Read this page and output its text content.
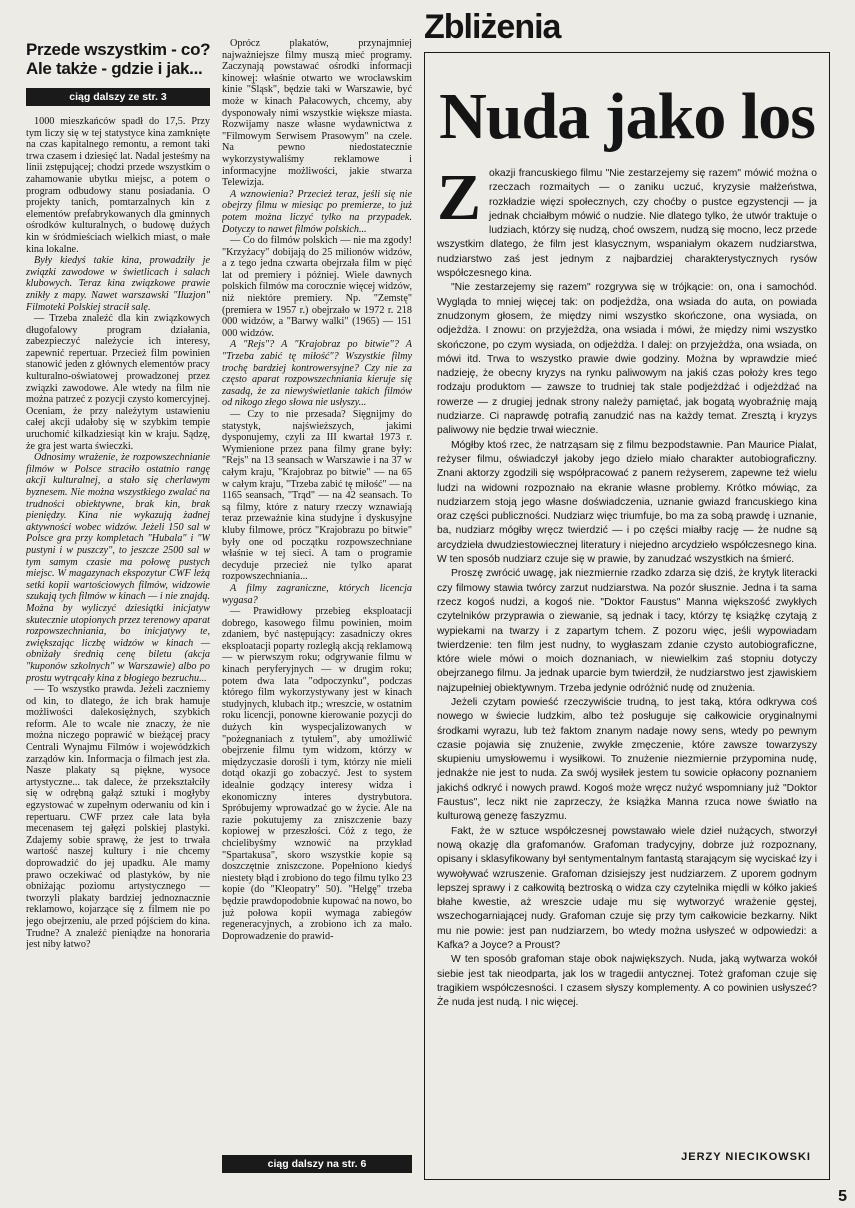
Przede wszystkim - co?
Ale także - gdzie i jak...
ciąg dalszy ze str. 3

1000 mieszkańców spadł do 17,5. Przy tym liczy się w tej statystyce kina zamknięte na czas kapitalnego remontu, a remont taki trwa czasem i dziesięć lat. Nadal jesteśmy na linii zstępującej; chodzi przede wszystkim o zahamowanie ubytku miejsc, a potem o program odbudowy stanu posiadania. O projekty tanich, pomtarzalnych kin z elementów prefabrykowanych dla gminnych ośrodków kulturalnych, o budowę dużych kin w śródmieściach wielkich miast, o małe kina lokalne.

Były kiedyś takie kina, prowadziły je związki zawodowe w świetlicach i salach klubowych. Teraz kina związkowe prawie znikły z mapy. Nawet warszawski "Iluzjon" Filmoteki Polskiej stracił salę.

— Trzeba znaleźć dla kin związkowych długofalowy program działania, zabezpieczyć należycie ich interesy, zapewnić repertuar. Przecież film powinien stanowić jeden z głównych elementów pracy kulturalno-oświatowej prowadzonej przez związki zawodowe. Ale wtedy na film nie można patrzeć z pozycji czysto komercyjnej. Oceniam, że przy należytym ustawieniu całej akcji udałoby się w szybkim tempie uruchomić kilkadziesiąt kin w kraju. Sądzę, że gra jest warta świeczki.

Odnosimy wrażenie, że rozpowszechnianie filmów w Polsce straciło ostatnio rangę akcji kulturalnej, a stało się cherlawym byznesem. Nie można wszystkiego zwalać na trudności obiektywne, brak kin, brak pieniędzy. Kina nie wykazują żadnej aktywności wobec widzów. Jeżeli 150 sal w Polsce gra przy kompletach "Hubala" i "W pustyni i w puszczy", to jeszcze 2500 sal w tym samym czasie ma połowę pustych miejsc. W magazynach ekspozytur CWF leżą setki kopii wartościowych filmów, widzowie szukają tych filmów w kinach — i nie znajdą. Można by wyliczyć dziesiątki inicjatyw skutecznie utopionych przez terenowy aparat rozpowszechniania, bo inicjatywy te, zwiększając liczbę widzów w kinach — obniżały średnią cenę biletu (akcja "kuponów szkolnych" w Warszawie) albo po prostu wytrącały kina z błogiego bezruchu...

— To wszystko prawda. Jeżeli zaczniemy od kin, to dlatego, że ich brak hamuje możliwości dalekosiężnych, szybkich reform. Ale to wcale nie znaczy, że nie można niczego poprawić w bieżącej pracy Centrali Wynajmu Filmów i wojewódzkich zarządów kin. Informacja o filmach jest zła. Nasze plakaty są piękne, wysoce artystyczne... tak dalece, że przekształciły się w odrębną gałąź sztuki i mogłyby egzystować w zupełnym oderwaniu od kin i repertuaru. CWF przez całe lata była mecenasem tej gałęzi polskiej plastyki. Zdajemy sobie sprawę, że jest to trwała wartość naszej kultury i nie chcemy doprowadzić do jej upadku. Ale mamy prawo oczekiwać od plastyków, by nie obniżając poziomu artystycznego — tworzyli plakaty bardziej jednoznacznie reklamowo, kojarzące się z filmem nie po jego obejrzeniu, ale przed pójściem do kina. Trudne? A znaleźć pieniądze na honoraria jest niby łatwo?

Oprócz plakatów, przynajmniej najważniejsze filmy muszą mieć programy. Zaczynają powstawać ośrodki informacji kinowej: właśnie otwarto we wrocławskim kinie "Śląsk", będzie taki w Warszawie, być może w kinach Pałacowych, chcemy, aby dysponowały nimi wszystkie większe miasta. Rozwijamy nasze własne wydawnictwa z "Filmowym Serwisem Prasowym" na czele. Na pewno niedostatecznie wykorzystywaliśmy reklamowe i informacyjne możliwości, jakie stwarza Telewizja.

A wznowienia? Przecież teraz, jeśli się nie obejrzy filmu w miesiąc po premierze, to już potem można liczyć tylko na przypadek. Dotyczy to nawet filmów polskich...

— Co do filmów polskich — nie ma zgody! "Krzyżacy" dobijają do 25 milionów widzów, a z tego jedna czwarta obejrzała film w pięć lat od premiery i później. Wiele dawnych polskich filmów ma corocznie więcej widzów, niż niektóre premiery. Np. "Zemstę" (premiera w 1957 r.) obejrzało w 1972 r. 218 000 widzów, a "Barwy walki" (1965) — 151 000 widzów.

A "Rejs"? A "Krajobraz po bitwie"? A "Trzeba zabić tę miłość"? Wszystkie filmy trochę bardziej kontrowersyjne? Czy nie za często aparat rozpowszechniania kieruje się zasadą, że za niewyświetlanie takich filmów od nikogo złego słowa nie usłyszy...

— Czy to nie przesada? Sięgnijmy do statystyk, najświeższych, jakimi dysponujemy, czyli za III kwartał 1973 r. Wymienione przez pana filmy grane były: "Rejs" na 13 seansach w Warszawie i na 37 w całym kraju, "Krajobraz po bitwie" — na 65 w całym kraju, "Trzeba zabić tę miłość" — na 1165 seansach, "Trąd" — na 42 seansach. To są filmy, które z natury rzeczy wznawiają teraz przeważnie kina studyjne i dyskusyjne kluby filmowe, prócz "Krajobrazu po bitwie" były one od początku rozpowszechniane właśnie w tej sieci. A tam o programie decyduje przecież nie tylko aparat rozpowszechniania...

A filmy zagraniczne, których licencja wygasa?

— Prawidłowy przebieg eksploatacji dobrego, kasowego filmu powinien, moim zdaniem, być następujący: zasadniczy okres eksploatacji poparty rozległą akcją reklamową — w pierwszym roku; odgrywanie filmu w kinach peryferyjnych — w drugim roku; potem dwa lata "odpoczynku", podczas którego film wykorzystywany jest w kinach studyjnych, klubach itp.; wreszcie, w ostatnim roku licencji, ponowne kierowanie pozycji do dużych kin wyspecjalizowanych w "pożegnaniach z tytułem", aby umożliwić obejrzenie filmu tym widzom, którzy w międzyczasie dorośli i tym, którzy nie mieli dotąd okazji go zobaczyć. Jest to system idealnie godzący interesy widza i ekonomiczny interes dystrybutora. Spróbujemy wprowadzać go w życie. Ale na razie pokutujemy za zniszczenie bazy kopiowej w przeszłości. Cóż z tego, że chcielibyśmy wznowić na przykład "Spartakusa", skoro wszystkie kopie są doszczętnie zniszczone. Popełniono kiedyś niestety błąd i zrobiono do tego filmu tylko 23 kopie (do "Kleopatry" 50). "Helgę" trzeba będzie prawdopodobnie kupować na nowo, bo już połowa kopii wymaga zabiegów regeneracyjnych, a zrobiono ich za mało. Doprowadzenie do prawid-

ciąg dalszy na str. 6
Zbliżenia
Nuda jako los

Zokazji francuskiego filmu "Nie zestarzejemy się razem" mówić można o rzeczach rozmaitych — o zaniku uczuć, kryzysie małżeństwa, rozkładzie więzi społecznych, czy choćby o pustce egzystencji — ja jednak chciałbym mówić o nudzie. Nie dlatego tylko, że utwór traktuje o ludziach, którzy się nudzą, choć owszem, nudzą się mocno, lecz przede wszystkim dlatego, że film jest klasycznym, wspaniałym okazem nudziarstwa, nudziarstwo zaś jest jednym z najbardziej charakterystycznych rysów współczesnego kina.

"Nie zestarzejemy się razem" rozgrywa się w trójkącie: on, ona i samochód. Wygląda to mniej więcej tak: on podjeżdża, ona wsiada do auta, on powiada znudzonym głosem, że między nimi wszystko skończone, ona wysiada, on odjeżdża. I znowu: on przyjeżdża, ona wsiada i mówi, że między nimi wszystko skończone, po czym wysiada, on odjeżdża. I dalej: on przyjeżdża, ona wsiada, on mówi itd. Trwa to wszystko prawie dwie godziny. Można by wprawdzie mieć nadzieję, że obecny kryzys na rynku paliwowym na jakiś czas położy kres tego rodzaju produktom — zawsze to trudniej tak stale podjeżdżać i odjeżdżać na rowerze — z drugiej jednak strony należy pamiętać, jak bogatą wyobraźnię mają nudziarze. Ci naprawdę potrafią zanudzić nas na każdy temat. Zresztą i kryzys paliwowy nie będzie trwał wiecznie.

Mógłby ktoś rzec, że natrząsam się z filmu bezpodstawnie. Pan Maurice Pialat, reżyser filmu, oświadczył jakoby jego dzieło miało charakter autobiograficzny. Znani aktorzy zgodzili się współpracować z panem reżyserem, zapewne też wielu ludzi na widowni rozpoznało na ekranie własne problemy. Krótko mówiąc, za nudziarzem stoją jego własne doświadczenia, uznanie gwiazd francuskiego kina oraz części publiczności. Nudziarz więc triumfuje, bo ma za sobą prawdę i uznanie, ba, nudziarz mógłby wręcz twierdzić — i po części miałby rację — że nudne są arcydzieła dwudziestowiecznej literatury i niejedno arcydzieło współczesnego kina. W ten sposób nudziarz czuje się w prawie, by zanudzać wszystkich na śmierć.

Proszę zwrócić uwagę, jak niezmiernie rzadko zdarza się dziś, że krytyk literacki czy filmowy stawia twórcy zarzut nudziarstwa. Na pozór słusznie. Jedna i ta sama rzecz kogoś nudzi, a kogoś nie. "Doktor Faustus" Manna większość zwykłych czytelników przyprawia o ziewanie, są jednak i tacy, którzy tę książkę czytają z wypiekami na twarzy i z zapartym tchem. Z pozoru więc, jeśli wypowiadam twierdzenie: ten film jest nudny, to wygłaszam zdanie czysto autobiograficzne, które wiele mówi o moich doznaniach, w niewielkim zaś stopniu dotyczy obejrzanego filmu. Ja jednak uparcie bym twierdził, że nudziarstwo jest zjawiskiem najzupełniej obiektywnym. Trzeba jedynie odróżnić nudę od znużenia.

Jeżeli czytam powieść rzeczywiście trudną, to jest taką, która odkrywa coś nowego w świecie ludzkim, albo też posługuje się całkowicie oryginalnymi środkami wyrazu, lub też faktom znanym nadaje nowy sens, wtedy po pewnym czasie pojawia się znużenie, zwykłe zmęczenie, które zawsze towarzyszy skupieniu umysłowemu i wysiłkowi. To znużenie niezmiernie przypomina nudę, jednakże nie jest to nuda. Za swój wysiłek jestem tu sowicie opłacony poznaniem jakichś odkryć i nowych prawd. Kogoś może wręcz nużyć wspomniany już "Doktor Faustus", lecz nikt nie zaprzeczy, że książka Manna rzuca nowe światło na kulturową genezę faszyzmu.

Fakt, że w sztuce współczesnej powstawało wiele dzieł nużących, stworzył nową okazję dla grafomanów. Grafoman tradycyjny, dobrze już rozpoznany, opisany i sklasyfikowany był sentymentalnym fantastą starającym się wyciskać łzy i wywoływać wzruszenie. Grafoman dzisiejszy jest nudziarzem. Z uporem godnym lepszej sprawy i z całkowitą beztroską o widza czy czytelnika międli w kółko jakieś błahe kwestie, aż wreszcie udaje mu się wytworzyć wrażenie gęstej, wszechogarniającej nudy. Grafoman czuje się przy tym całkowicie bezkarny. Nikt mu nie powie: jest pan nudziarzem, bo wtedy można usłyszeć w odpowiedzi: a Kafka? a Joyce? a Proust?

W ten sposób grafoman staje obok największych. Nuda, jaką wytwarza wokół siebie jest tak nieodparta, jak los w tragedii antycznej. Toteż grafoman czuje się tragikiem współczesności. I czasem słyszy komplementy. A co powinien usłyszeć? Że nuda jest nudą. I nic więcej.

JERZY NIECIKOWSKI
5
